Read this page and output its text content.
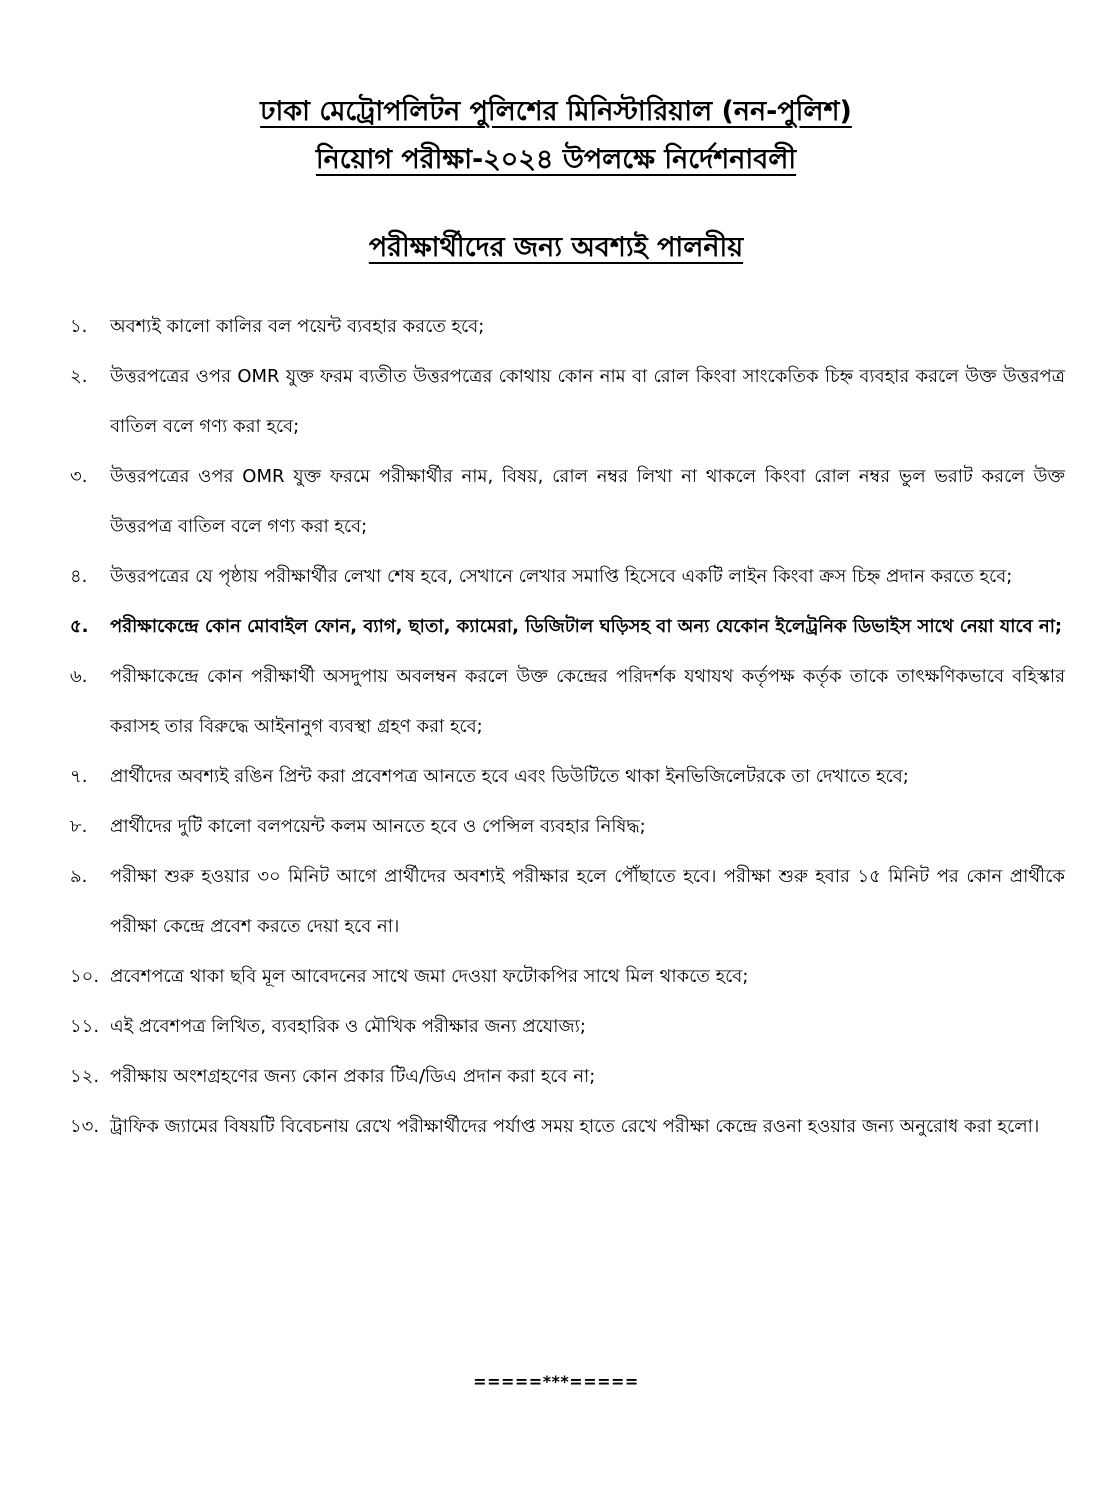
ঢাকা মেট্রোপলিটন পুলিশের মিনিস্টারিয়াল (নন-পুলিশ)
নিয়োগ পরীক্ষা-২০২৪ উপলক্ষে নির্দেশনাবলী
পরীক্ষার্থীদের জন্য অবশ্যই পালনীয়
১.	অবশ্যই কালো কালির বল পয়েন্ট ব্যবহার করতে হবে;
২.	উত্তরপত্রের ওপর OMR যুক্ত ফরম ব্যতীত উত্তরপত্রের কোথায় কোন নাম বা রোল কিংবা সাংকেতিক চিহ্ন ব্যবহার করলে উক্ত উত্তরপত্র বাতিল বলে গণ্য করা হবে;
৩.	উত্তরপত্রের ওপর OMR যুক্ত ফরমে পরীক্ষার্থীর নাম, বিষয়, রোল নম্বর লিখা না থাকলে কিংবা রোল নম্বর ভুল ভরাট করলে উক্ত উত্তরপত্র বাতিল বলে গণ্য করা হবে;
৪.	উত্তরপত্রের যে পৃষ্ঠায় পরীক্ষার্থীর লেখা শেষ হবে, সেখানে লেখার সমাপ্তি হিসেবে একটি লাইন কিংবা ক্রস চিহ্ন প্রদান করতে হবে;
৫.	পরীক্ষাকেন্দ্রে কোন মোবাইল ফোন, ব্যাগ, ছাতা, ক্যামেরা, ডিজিটাল ঘড়িসহ বা অন্য যেকোন ইলেট্রনিক ডিভাইস সাথে নেয়া যাবে না;
৬.	পরীক্ষাকেন্দ্রে কোন পরীক্ষার্থী অসদুপায় অবলম্বন করলে উক্ত কেন্দ্রের পরিদর্শক যথাযথ কর্তৃপক্ষ কর্তৃক তাকে তাৎক্ষণিকভাবে বহিস্কার করাসহ তার বিরুদ্ধে আইনানুগ ব্যবস্থা গ্রহণ করা হবে;
৭.	প্রার্থীদের অবশ্যই রঙিন প্রিন্ট করা প্রবেশপত্র আনতে হবে এবং ডিউটিতে থাকা ইনভিজিলেটরকে তা দেখাতে হবে;
৮.	প্রার্থীদের দুটি কালো বলপয়েন্ট কলম আনতে হবে ও পেন্সিল ব্যবহার নিষিদ্ধ;
৯.	পরীক্ষা শুরু হওয়ার ৩০ মিনিট আগে প্রার্থীদের অবশ্যই পরীক্ষার হলে পৌঁছাতে হবে। পরীক্ষা শুরু হবার ১৫ মিনিট পর কোন প্রার্থীকে পরীক্ষা কেন্দ্রে প্রবেশ করতে দেয়া হবে না।
১০. প্রবেশপত্রে থাকা ছবি মূল আবেদনের সাথে জমা দেওয়া ফটোকপির সাথে মিল থাকতে হবে;
১১. এই প্রবেশপত্র লিখিত, ব্যবহারিক ও মৌখিক পরীক্ষার জন্য প্রযোজ্য;
১২. পরীক্ষায় অংশগ্রহণের জন্য কোন প্রকার টিএ/ডিএ প্রদান করা হবে না;
১৩. ট্রাফিক জ্যামের বিষয়টি বিবেচনায় রেখে পরীক্ষার্থীদের পর্যাপ্ত সময় হাতে রেখে পরীক্ষা কেন্দ্রে রওনা হওয়ার জন্য অনুরোধ করা হলো।
=====***=====
